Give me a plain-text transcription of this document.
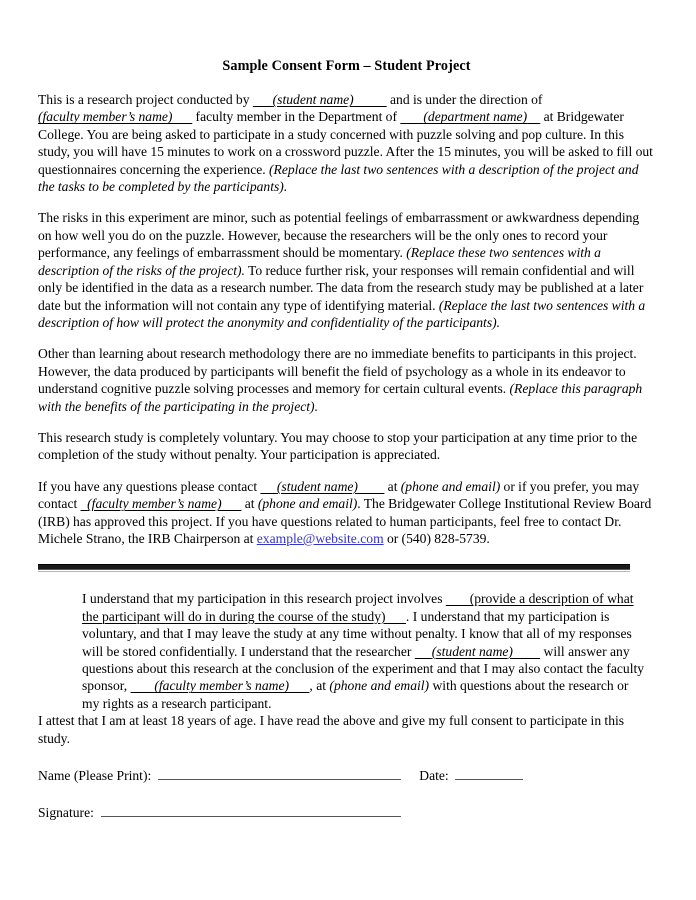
Sample Consent Form – Student Project

This is a research project conducted by       (student name)           and is under the direction of (faculty member’s name)       faculty member in the Department of        (department name)     at Bridgewater College. You are being asked to participate in a study concerned with puzzle solving and pop culture. In this study, you will have 15 minutes to work on a crossword puzzle. After the 15 minutes, you will be asked to fill out questionnaires concerning the experience. (Replace the last two sentences with a description of the project and the tasks to be completed by the participants).

The risks in this experiment are minor, such as potential feelings of embarrassment or awkwardness depending on how well you do on the puzzle. However, because the researchers will be the only ones to record your performance, any feelings of embarrassment should be momentary. (Replace these two sentences with a description of the risks of the project). To reduce further risk, your responses will remain confidential and will only be identified in the data as a research number. The data from the research study may be published at a later date but the information will not contain any type of identifying material. (Replace the last two sentences with a description of how will protect the anonymity and confidentiality of the participants).

Other than learning about research methodology there are no immediate benefits to participants in this project. However, the data produced by participants will benefit the field of psychology as a whole in its endeavor to understand cognitive puzzle solving processes and memory for certain cultural events. (Replace this paragraph with the benefits of the participating in the project).

This research study is completely voluntary. You may choose to stop your participation at any time prior to the completion of the study without penalty. Your participation is appreciated.

If you have any questions please contact      (student name)         at (phone and email) or if you prefer, you may contact   (faculty member’s name)       at (phone and email). The Bridgewater College Institutional Review Board (IRB) has approved this project. If you have questions related to human participants, feel free to contact Dr. Michele Strano, the IRB Chairperson at example@website.com or (540) 828-5739.

I understand that my participation in this research project involves        (provide a description of what the participant will do in during the course of the study) . I understand that my participation is voluntary, and that I may leave the study at any time without penalty. I know that all of my responses will be stored confidentially. I understand that the researcher      (student name)         will answer any questions about this research at the conclusion of the experiment and that I may also contact the faculty sponsor,        (faculty member’s name) , at (phone and email) with questions about the research or my rights as a research participant.

I attest that I am at least 18 years of age. I have read the above and give my full consent to participate in this study.

Name (Please Print):	Date:
Signature:
